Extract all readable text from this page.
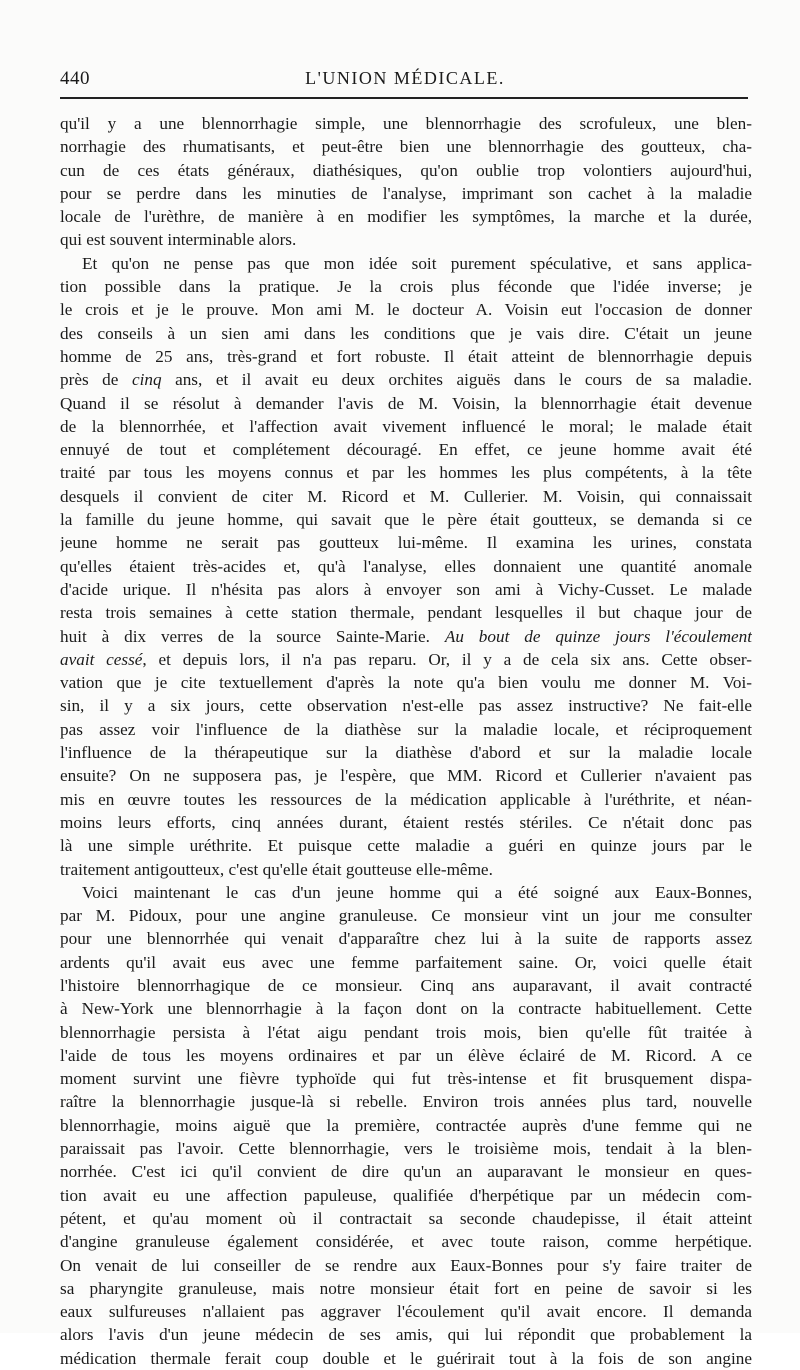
440	L'UNION MÉDICALE.
qu'il y a une blennorrhagie simple, une blennorrhagie des scrofuleux, une blen-
norrhagie des rhumatisants, et peut-être bien une blennorrhagie des goutteux, cha-
cun de ces états généraux, diathésiques, qu'on oublie trop volontiers aujourd'hui,
pour se perdre dans les minuties de l'analyse, imprimant son cachet à la maladie
locale de l'urèthre, de manière à en modifier les symptômes, la marche et la durée,
qui est souvent interminable alors.
Et qu'on ne pense pas que mon idée soit purement spéculative, et sans applica-
tion possible dans la pratique. Je la crois plus féconde que l'idée inverse; je
le crois et je le prouve. Mon ami M. le docteur A. Voisin eut l'occasion de donner
des conseils à un sien ami dans les conditions que je vais dire. C'était un jeune
homme de 25 ans, très-grand et fort robuste. Il était atteint de blennorrhagie depuis
près de cinq ans, et il avait eu deux orchites aiguës dans le cours de sa maladie.
Quand il se résolut à demander l'avis de M. Voisin, la blennorrhagie était devenue
de la blennorrhée, et l'affection avait vivement influencé le moral; le malade était
ennuyé de tout et complétement découragé. En effet, ce jeune homme avait été
traité par tous les moyens connus et par les hommes les plus compétents, à la tête
desquels il convient de citer M. Ricord et M. Cullerier. M. Voisin, qui connaissait
la famille du jeune homme, qui savait que le père était goutteux, se demanda si ce
jeune homme ne serait pas goutteux lui-même. Il examina les urines, constata
qu'elles étaient très-acides et, qu'à l'analyse, elles donnaient une quantité anomale
d'acide urique. Il n'hésita pas alors à envoyer son ami à Vichy-Cusset. Le malade
resta trois semaines à cette station thermale, pendant lesquelles il but chaque jour de
huit à dix verres de la source Sainte-Marie. Au bout de quinze jours l'écoulement
avait cessé, et depuis lors, il n'a pas reparu. Or, il y a de cela six ans. Cette obser-
vation que je cite textuellement d'après la note qu'a bien voulu me donner M. Voi-
sin, il y a six jours, cette observation n'est-elle pas assez instructive? Ne fait-elle
pas assez voir l'influence de la diathèse sur la maladie locale, et réciproquement
l'influence de la thérapeutique sur la diathèse d'abord et sur la maladie locale
ensuite? On ne supposera pas, je l'espère, que MM. Ricord et Cullerier n'avaient pas
mis en œuvre toutes les ressources de la médication applicable à l'uréthrite, et néan-
moins leurs efforts, cinq années durant, étaient restés stériles. Ce n'était donc pas
là une simple uréthrite. Et puisque cette maladie a guéri en quinze jours par le
traitement antigoutteux, c'est qu'elle était goutteuse elle-même.
Voici maintenant le cas d'un jeune homme qui a été soigné aux Eaux-Bonnes,
par M. Pidoux, pour une angine granuleuse. Ce monsieur vint un jour me consulter
pour une blennorrhée qui venait d'apparaître chez lui à la suite de rapports assez
ardents qu'il avait eus avec une femme parfaitement saine. Or, voici quelle était
l'histoire blennorrhagique de ce monsieur. Cinq ans auparavant, il avait contracté
à New-York une blennorrhagie à la façon dont on la contracte habituellement. Cette
blennorrhagie persista à l'état aigu pendant trois mois, bien qu'elle fût traitée à
l'aide de tous les moyens ordinaires et par un élève éclairé de M. Ricord. A ce
moment survint une fièvre typhoïde qui fut très-intense et fit brusquement dispa-
raître la blennorrhagie jusque-là si rebelle. Environ trois années plus tard, nouvelle
blennorrhagie, moins aiguë que la première, contractée auprès d'une femme qui ne
paraissait pas l'avoir. Cette blennorrhagie, vers le troisième mois, tendait à la blen-
norrhée. C'est ici qu'il convient de dire qu'un an auparavant le monsieur en ques-
tion avait eu une affection papuleuse, qualifiée d'herpétique par un médecin com-
pétent, et qu'au moment où il contractait sa seconde chaudepisse, il était atteint
d'angine granuleuse également considérée, et avec toute raison, comme herpétique.
On venait de lui conseiller de se rendre aux Eaux-Bonnes pour s'y faire traiter de
sa pharyngite granuleuse, mais notre monsieur était fort en peine de savoir si les
eaux sulfureuses n'allaient pas aggraver l'écoulement qu'il avait encore. Il demanda
alors l'avis d'un jeune médecin de ses amis, qui lui répondit que probablement la
médication thermale ferait coup double et le guérirait tout à la fois de son angine
